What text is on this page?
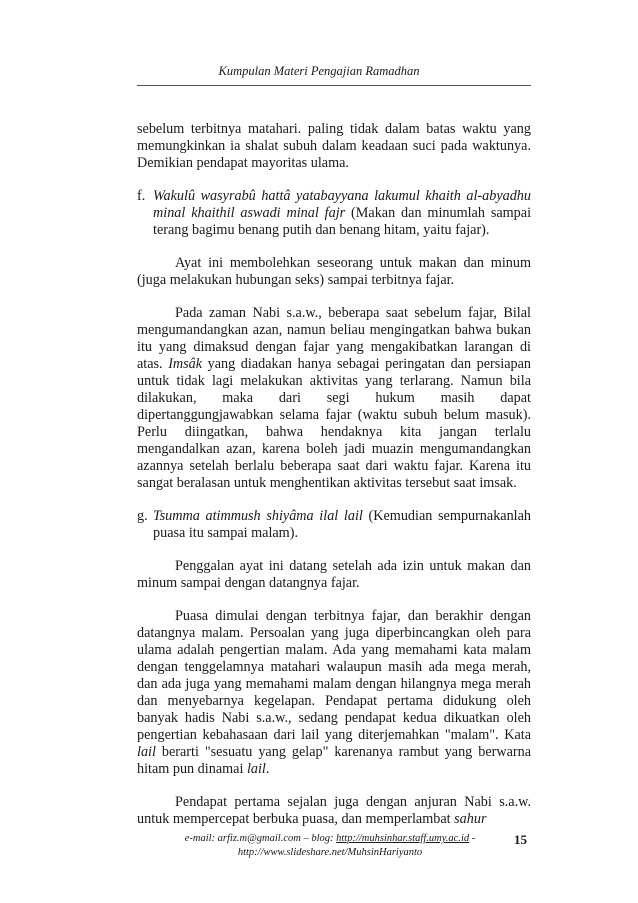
Kumpulan Materi Pengajian Ramadhan

sebelum terbitnya matahari. paling tidak dalam batas waktu yang memungkinkan ia shalat subuh dalam keadaan suci pada waktunya. Demikian pendapat mayoritas ulama.

f. Wakulû wasyrabû hattâ yatabayyana lakumul khaith al-abyadhu minal khaithil aswadi minal fajr (Makan dan minumlah sampai terang bagimu benang putih dan benang hitam, yaitu fajar).

Ayat ini membolehkan seseorang untuk makan dan minum (juga melakukan hubungan seks) sampai terbitnya fajar.

Pada zaman Nabi s.a.w., beberapa saat sebelum fajar, Bilal mengumandangkan azan, namun beliau mengingatkan bahwa bukan itu yang dimaksud dengan fajar yang mengakibatkan larangan di atas. Imsâk yang diadakan hanya sebagai peringatan dan persiapan untuk tidak lagi melakukan aktivitas yang terlarang. Namun bila dilakukan, maka dari segi hukum masih dapat dipertanggungjawabkan selama fajar (waktu subuh belum masuk). Perlu diingatkan, bahwa hendaknya kita jangan terlalu mengandalkan azan, karena boleh jadi muazin mengumandangkan azannya setelah berlalu beberapa saat dari waktu fajar. Karena itu sangat beralasan untuk menghentikan aktivitas tersebut saat imsak.

g. Tsumma atimmush shiyâma ilal lail (Kemudian sempurnakanlah puasa itu sampai malam).

Penggalan ayat ini datang setelah ada izin untuk makan dan minum sampai dengan datangnya fajar.

Puasa dimulai dengan terbitnya fajar, dan berakhir dengan datangnya malam. Persoalan yang juga diperbincangkan oleh para ulama adalah pengertian malam. Ada yang memahami kata malam dengan tenggelamnya matahari walaupun masih ada mega merah, dan ada juga yang memahami malam dengan hilangnya mega merah dan menyebarnya kegelapan. Pendapat pertama didukung oleh banyak hadis Nabi s.a.w., sedang pendapat kedua dikuatkan oleh pengertian kebahasaan dari lail yang diterjemahkan "malam". Kata lail berarti "sesuatu yang gelap" karenanya rambut yang berwarna hitam pun dinamai lail.

Pendapat pertama sejalan juga dengan anjuran Nabi s.a.w. untuk mempercepat berbuka puasa, dan memperlambat sahur

e-mail: arfiz.m@gmail.com – blog: http://muhsinhar.staff.umy.ac.id -
http://www.slideshare.net/MuhsinHariyanto
15
